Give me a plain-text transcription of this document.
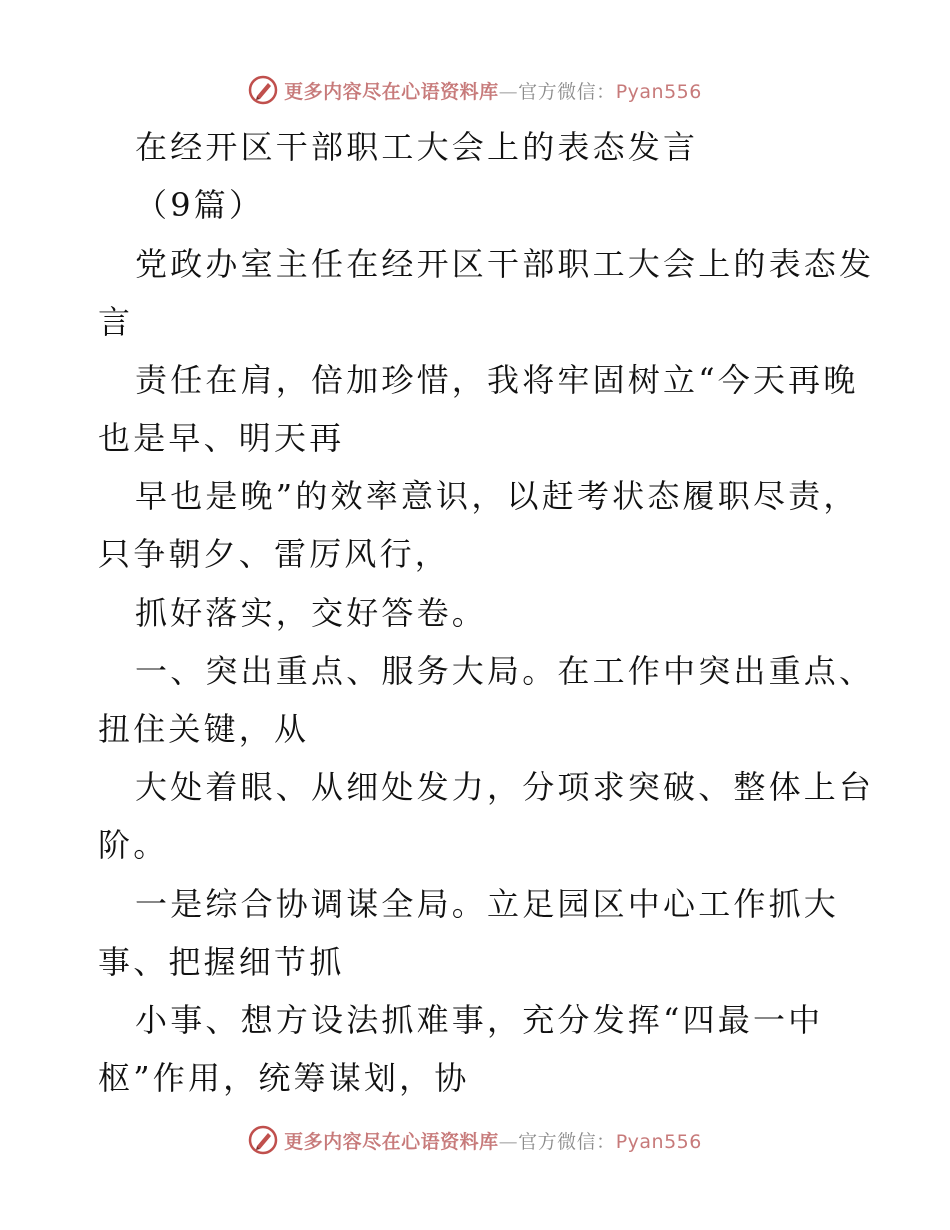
更多内容尽在心语资料库—官方微信：Pyan556
在经开区干部职工大会上的表态发言
（9篇）
党政办室主任在经开区干部职工大会上的表态发
言
责任在肩，倍加珍惜，我将牢固树立“今天再晚
也是早、明天再
早也是晚”的效率意识，以赶考状态履职尽责，
只争朝夕、雷厉风行，
抓好落实，交好答卷。
一、突出重点、服务大局。在工作中突出重点、
扭住关键，从
大处着眼、从细处发力，分项求突破、整体上台
阶。
一是综合协调谋全局。立足园区中心工作抓大
事、把握细节抓
小事、想方设法抓难事，充分发挥“四最一中
枢”作用，统筹谋划，协
更多内容尽在心语资料库—官方微信：Pyan556
